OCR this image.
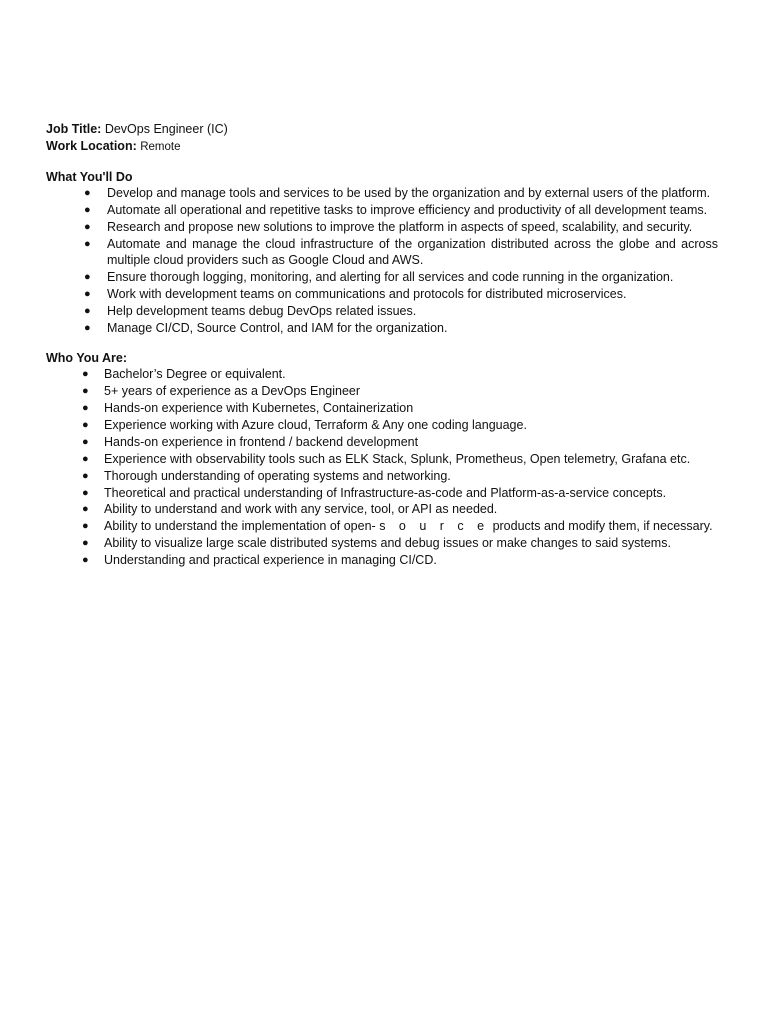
Job Title: DevOps Engineer (IC)
Work Location: Remote
What You'll Do
● Develop and manage tools and services to be used by the organization and by external users of the platform.
● Automate all operational and repetitive tasks to improve efficiency and productivity of all development teams.
● Research and propose new solutions to improve the platform in aspects of speed, scalability, and security.
● Automate and manage the cloud infrastructure of the organization distributed across the globe and across multiple cloud providers such as Google Cloud and AWS.
● Ensure thorough logging, monitoring, and alerting for all services and code running in the organization.
● Work with development teams on communications and protocols for distributed microservices.
● Help development teams debug DevOps related issues.
● Manage CI/CD, Source Control, and IAM for the organization.
Who You Are:
● Bachelor’s Degree or equivalent.
● 5+ years of experience as a DevOps Engineer
● Hands-on experience with Kubernetes, Containerization
● Experience working with Azure cloud, Terraform & Any one coding language.
● Hands-on experience in frontend / backend development
● Experience with observability tools such as ELK Stack, Splunk, Prometheus, Open telemetry, Grafana etc.
● Thorough understanding of operating systems and networking.
● Theoretical and practical understanding of Infrastructure-as-code and Platform-as-a-service concepts.
● Ability to understand and work with any service, tool, or API as needed.
● Ability to understand the implementation of open- s o u r c e products and modify them, if necessary.
● Ability to visualize large scale distributed systems and debug issues or make changes to said systems.
● Understanding and practical experience in managing CI/CD.
